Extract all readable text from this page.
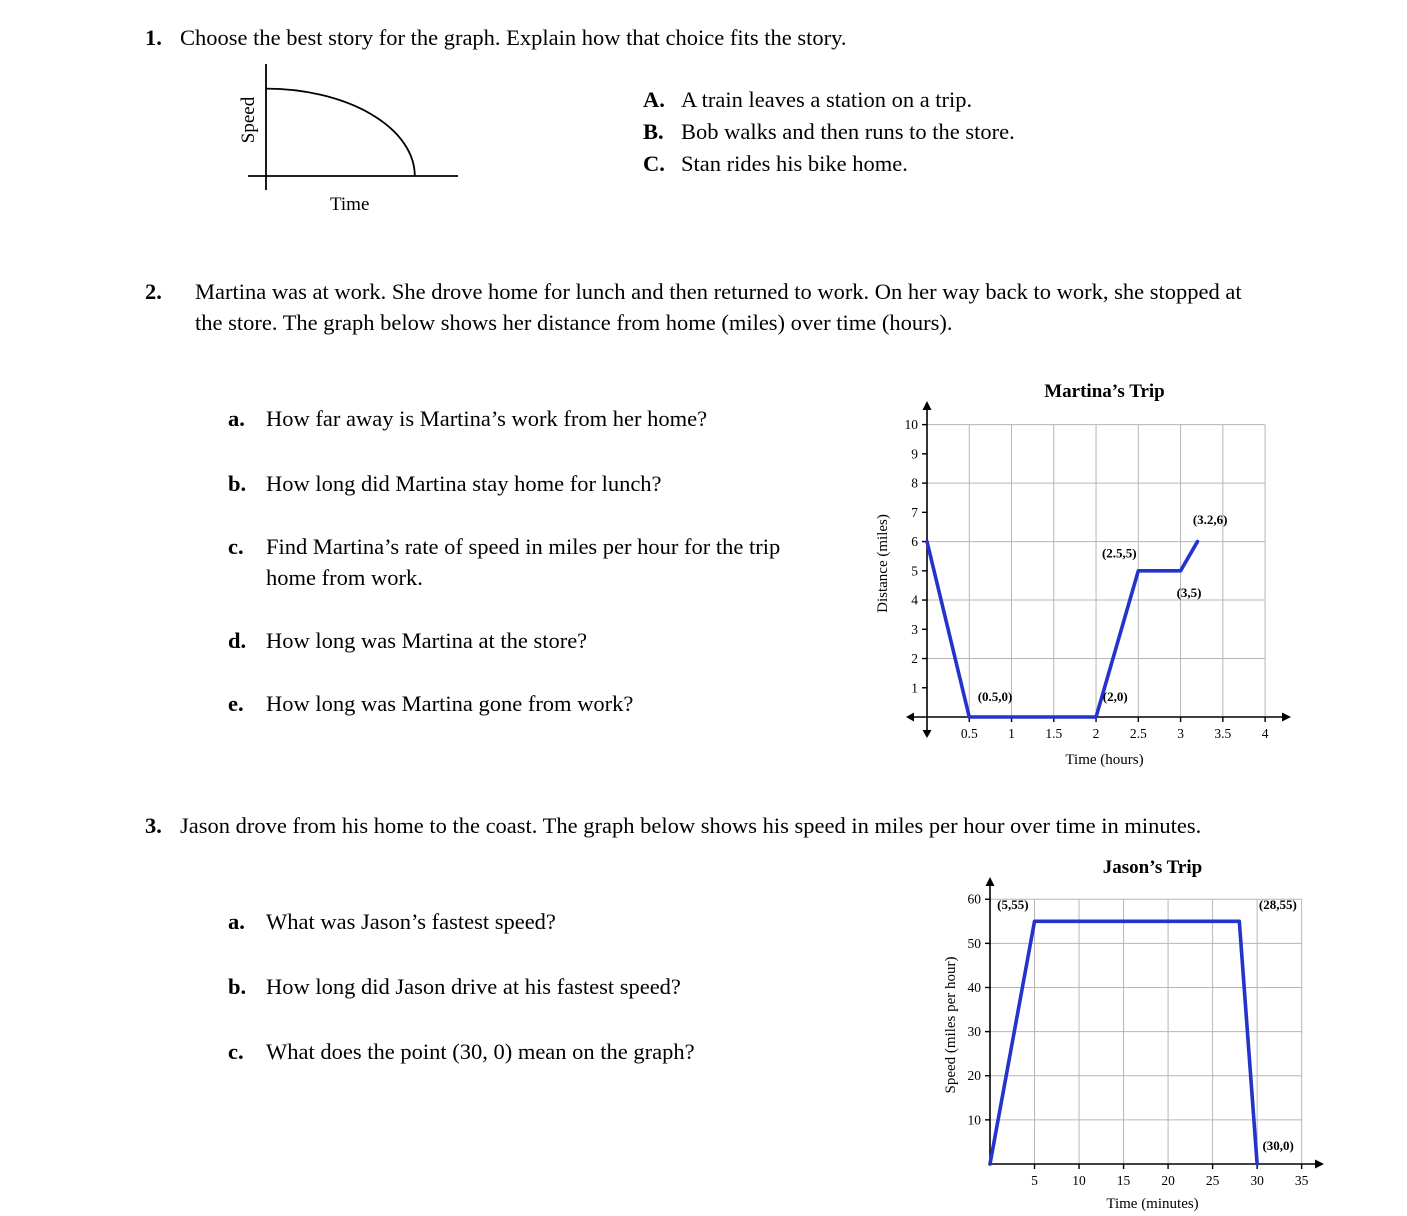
1. Choose the best story for the graph. Explain how that choice fits the story.
Speed
Time
A. A train leaves a station on a trip.
B. Bob walks and then runs to the store.
C. Stan rides his bike home.
2.	Martina was at work. She drove home for lunch and then returned to work. On her way back to work, she stopped at the store. The graph below shows her distance from home (miles) over time (hours).
a. How far away is Martina’s work from her home?
b. How long did Martina stay home for lunch?
c. Find Martina’s rate of speed in miles per hour for the trip home from work.
d. How long was Martina at the store?
e. How long was Martina gone from work?
0.5 1 1.5 2 2.5 3 3.5 4
1
2
3
4
5
6
7
8
9
10
Martina’s Trip
Distance (miles)
Time (hours)
(0.5,0)	(2,0)
(2.5,5)
(3,5)
(3.2,6)
3. Jason drove from his home to the coast. The graph below shows his speed in miles per hour over time in minutes.
a. What was Jason’s fastest speed?
b. How long did Jason drive at his fastest speed?
c. What does the point (30, 0) mean on the graph?
5	10 15 20 25 30 35
10
20
30
40
50
60
Jason’s Trip
Speed (miles per hour)
Time (minutes)
(5,55)	(28,55)
(30,0)
